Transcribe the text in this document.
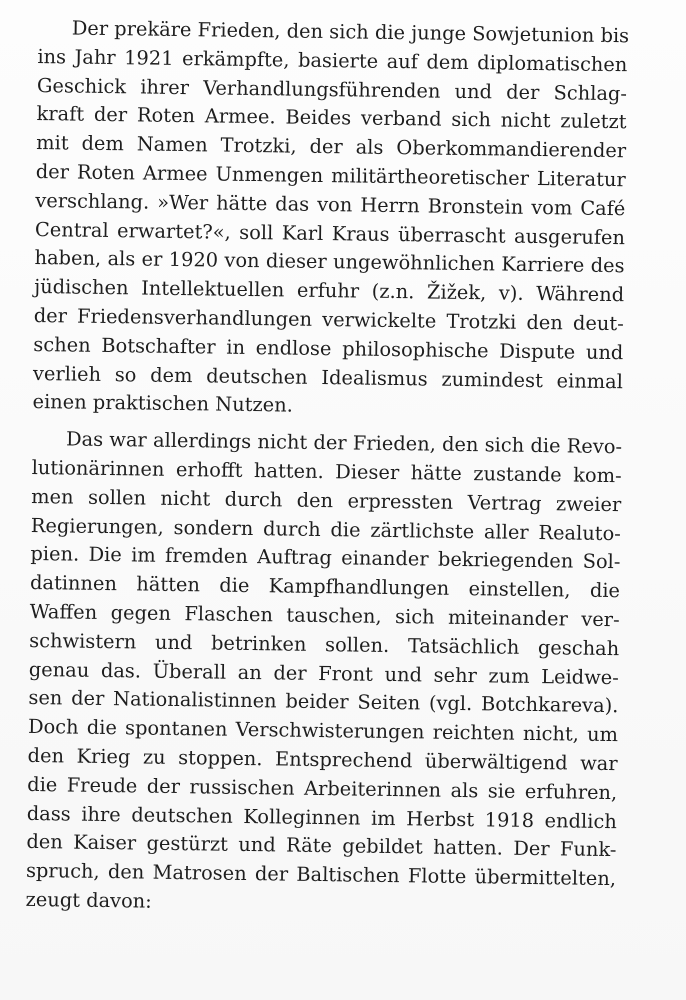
Der prekäre Frieden, den sich die junge Sowjetunion bis
ins Jahr 1921 erkämpfte, basierte auf dem diplomatischen
Geschick ihrer Verhandlungsführenden und der Schlag-
kraft der Roten Armee. Beides verband sich nicht zuletzt
mit dem Namen Trotzki, der als Oberkommandierender
der Roten Armee Unmengen militärtheoretischer Literatur
verschlang. »Wer hätte das von Herrn Bronstein vom Café
Central erwartet?«, soll Karl Kraus überrascht ausgerufen
haben, als er 1920 von dieser ungewöhnlichen Karriere des
jüdischen Intellektuellen erfuhr (z.n. Žižek, v). Während
der Friedensverhandlungen verwickelte Trotzki den deut-
schen Botschafter in endlose philosophische Dispute und
verlieh so dem deutschen Idealismus zumindest einmal
einen praktischen Nutzen.

Das war allerdings nicht der Frieden, den sich die Revo-
lutionärinnen erhofft hatten. Dieser hätte zustande kom-
men sollen nicht durch den erpressten Vertrag zweier
Regierungen, sondern durch die zärtlichste aller Realuto-
pien. Die im fremden Auftrag einander bekriegenden Sol-
datinnen hätten die Kampfhandlungen einstellen, die
Waffen gegen Flaschen tauschen, sich miteinander ver-
schwistern und betrinken sollen. Tatsächlich geschah
genau das. Überall an der Front und sehr zum Leidwe-
sen der Nationalistinnen beider Seiten (vgl. Botchkareva).
Doch die spontanen Verschwisterungen reichten nicht, um
den Krieg zu stoppen. Entsprechend überwältigend war
die Freude der russischen Arbeiterinnen als sie erfuhren,
dass ihre deutschen Kolleginnen im Herbst 1918 endlich
den Kaiser gestürzt und Räte gebildet hatten. Der Funk-
spruch, den Matrosen der Baltischen Flotte übermittelten,
zeugt davon:
